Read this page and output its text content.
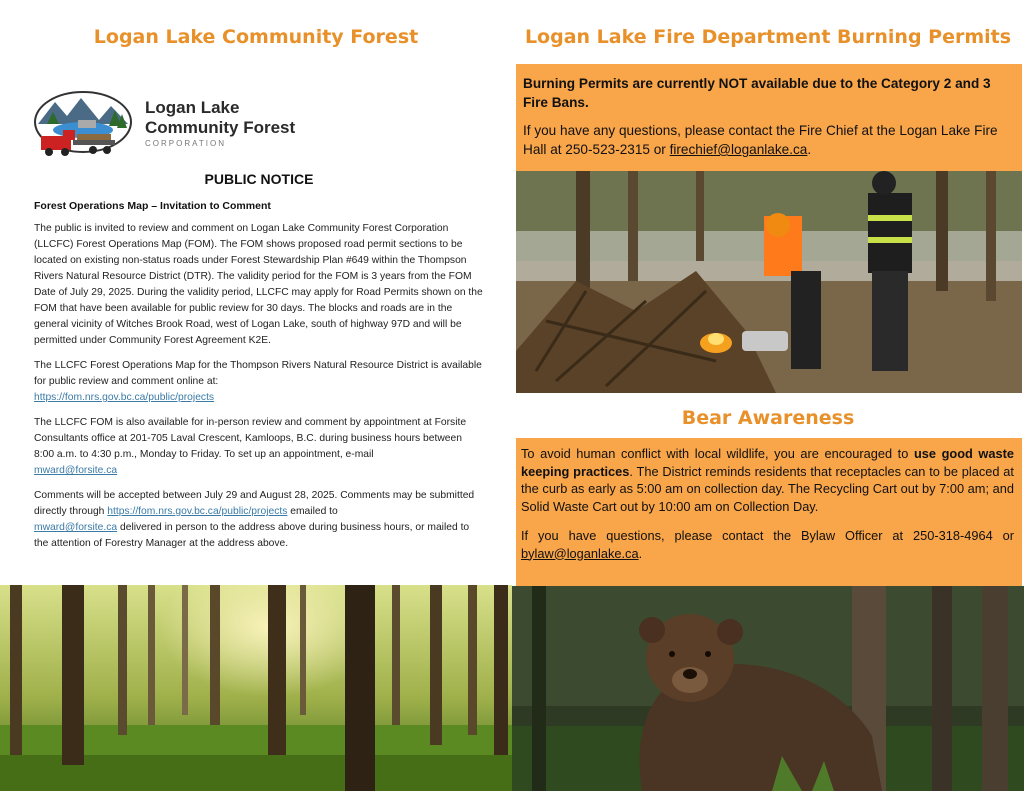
Logan Lake Community Forest
Logan Lake
Community Forest
CORPORATION
PUBLIC NOTICE
Forest Operations Map – Invitation to Comment

The public is invited to review and comment on Logan Lake Community Forest Corporation (LLCFC) Forest Operations Map (FOM). The FOM shows proposed road permit sections to be located on existing non-status roads under Forest Stewardship Plan #649 within the Thompson Rivers Natural Resource District (DTR). The validity period for the FOM is 3 years from the FOM Date of July 29, 2025. During the validity period, LLCFC may apply for Road Permits shown on the FOM that have been available for public review for 30 days. The blocks and roads are in the general vicinity of Witches Brook Road, west of Logan Lake, south of highway 97D and will be permitted under Community Forest Agreement K2E.

The LLCFC Forest Operations Map for the Thompson Rivers Natural Resource District is available for public review and comment online at:
https://fom.nrs.gov.bc.ca/public/projects

The LLCFC FOM is also available for in-person review and comment by appointment at Forsite Consultants office at 201-705 Laval Crescent, Kamloops, B.C. during business hours between 8:00 a.m. to 4:30 p.m., Monday to Friday. To set up an appointment, e-mail
mward@forsite.ca

Comments will be accepted between July 29 and August 28, 2025. Comments may be submitted directly through https://fom.nrs.gov.bc.ca/public/projects emailed to
mward@forsite.ca delivered in person to the address above during business hours, or mailed to the attention of Forestry Manager at the address above.

Logan Lake Fire Department Burning Permits

Burning Permits are currently NOT available due to the Category 2 and 3 Fire Bans.

If you have any questions, please contact the Fire Chief at the Logan Lake Fire Hall at 250-523-2315 or firechief@loganlake.ca.

Bear Awareness

To avoid human conflict with local wildlife, you are encouraged to use good waste keeping practices. The District reminds residents that receptacles can to be placed at the curb as early as 5:00 am on collection day. The Recycling Cart out by 7:00 am; and Solid Waste Cart out by 10:00 am on Collection Day.

If you have questions, please contact the Bylaw Officer at 250-318-4964 or bylaw@loganlake.ca.
